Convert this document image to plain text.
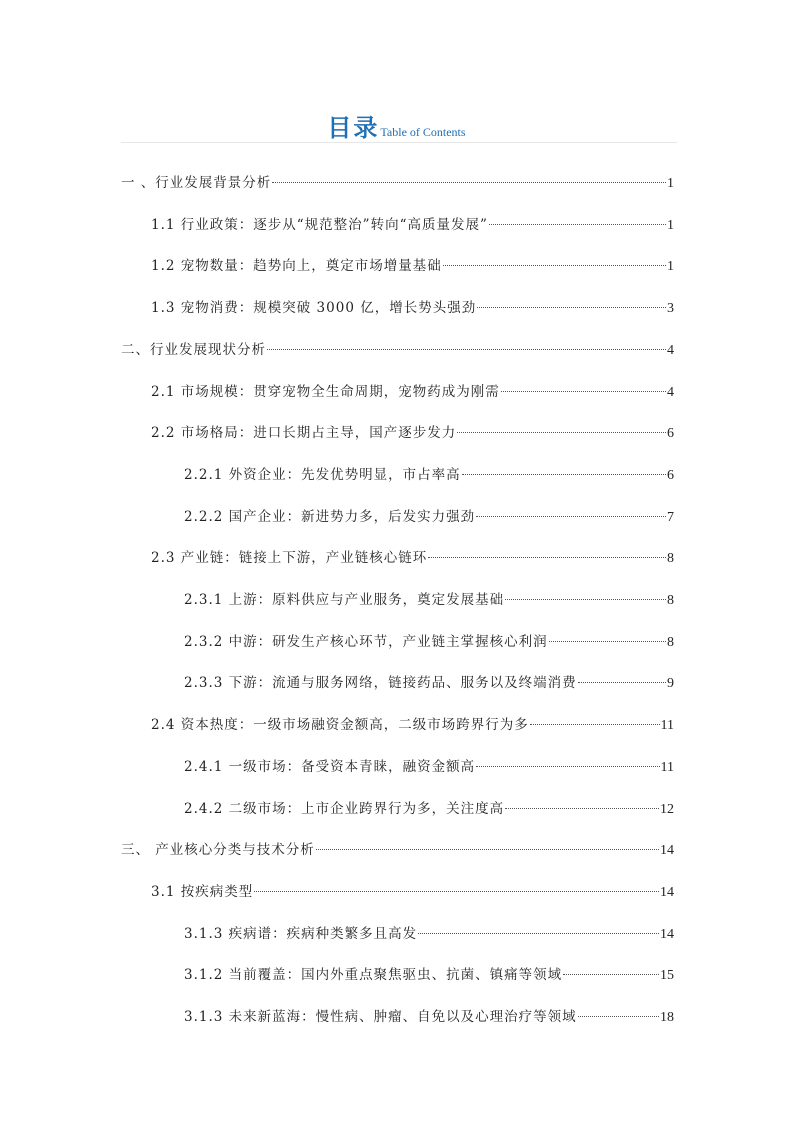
目录Table of Contents
一 、行业发展背景分析	1
1.1 行业政策：逐步从“规范整治”转向“高质量发展”	1
1.2 宠物数量：趋势向上，奠定市场增量基础	1
1.3 宠物消费：规模突破 3000 亿，增长势头强劲	3
二、行业发展现状分析	4
2.1 市场规模：贯穿宠物全生命周期，宠物药成为刚需	4
2.2 市场格局：进口长期占主导，国产逐步发力	6
2.2.1 外资企业：先发优势明显，市占率高	6
2.2.2 国产企业：新进势力多，后发实力强劲	7
2.3 产业链：链接上下游，产业链核心链环	8
2.3.1 上游：原料供应与产业服务，奠定发展基础	8
2.3.2 中游：研发生产核心环节，产业链主掌握核心利润	8
2.3.3 下游：流通与服务网络，链接药品、服务以及终端消费	9
2.4 资本热度：一级市场融资金额高，二级市场跨界行为多	11
2.4.1 一级市场：备受资本青睐，融资金额高	11
2.4.2 二级市场：上市企业跨界行为多，关注度高	12
三、 产业核心分类与技术分析	14
3.1 按疾病类型	14
3.1.3 疾病谱：疾病种类繁多且高发	14
3.1.2 当前覆盖：国内外重点聚焦驱虫、抗菌、镇痛等领域	15
3.1.3 未来新蓝海：慢性病、肿瘤、自免以及心理治疗等领域	18
